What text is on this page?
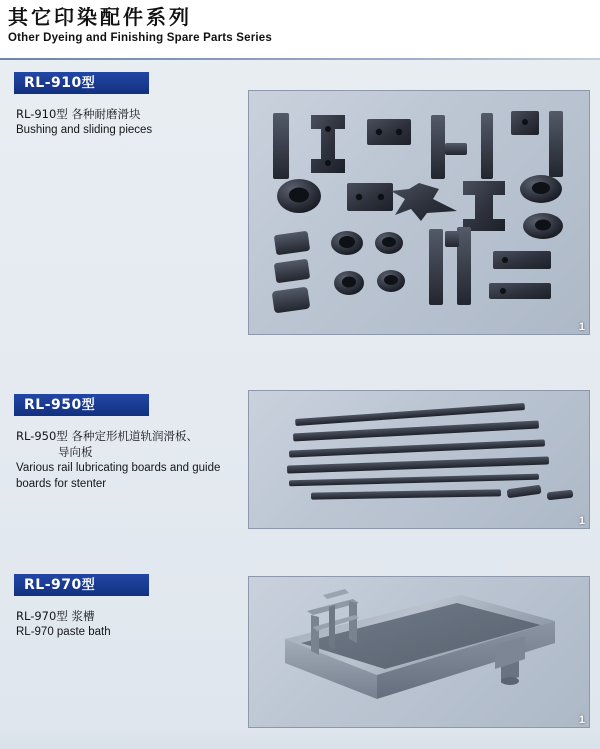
其它印染配件系列
Other Dyeing and Finishing Spare Parts Series
RL-910型
RL-910型 各种耐磨滑块
Bushing and sliding pieces
1
RL-950型
RL-950型 各种定形机道轨润滑板、
导向板
Various rail lubricating boards and guide boards for stenter
1
RL-970型
RL-970型 浆槽
RL-970 paste bath
1
